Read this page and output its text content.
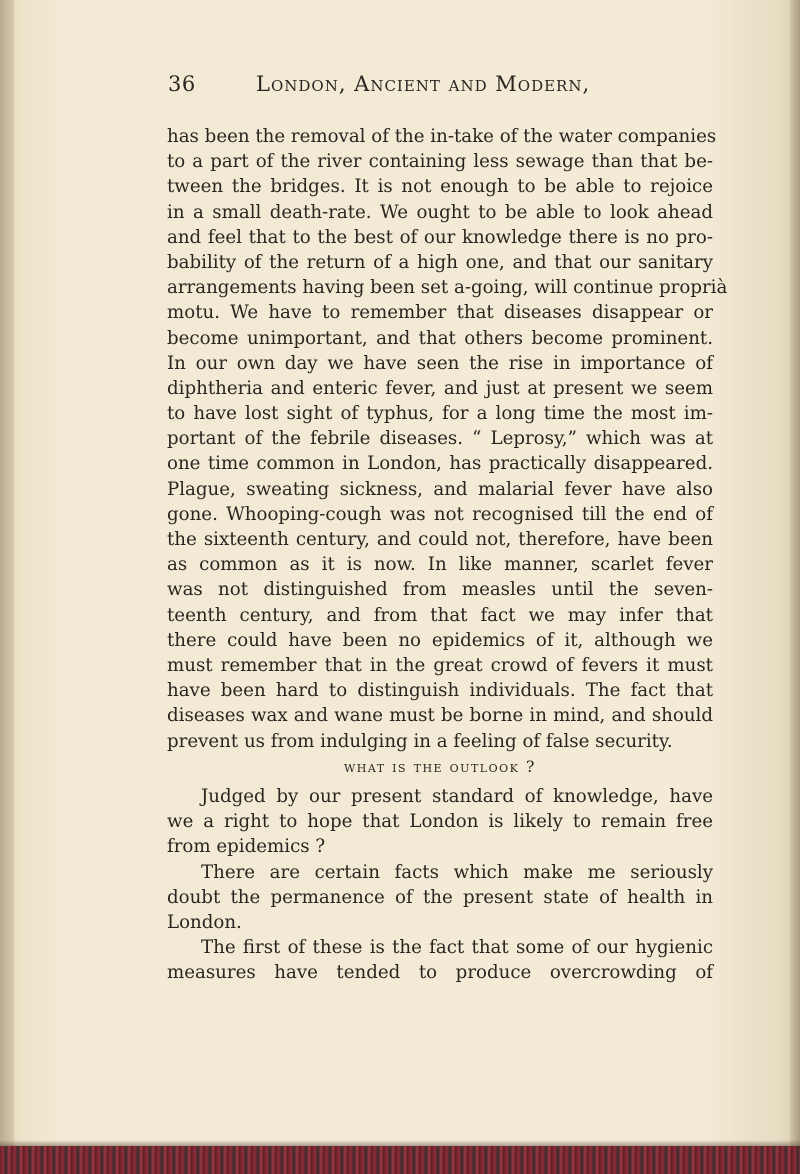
36	London, Ancient and Modern,
has been the removal of the in-take of the water companies
to a part of the river containing less sewage than that be-
tween the bridges. It is not enough to be able to rejoice
in a small death-rate. We ought to be able to look ahead
and feel that to the best of our knowledge there is no pro-
bability of the return of a high one, and that our sanitary
arrangements having been set a-going, will continue proprià
motu. We have to remember that diseases disappear or
become unimportant, and that others become prominent.
In our own day we have seen the rise in importance of
diphtheria and enteric fever, and just at present we seem
to have lost sight of typhus, for a long time the most im-
portant of the febrile diseases. “ Leprosy,” which was at
one time common in London, has practically disappeared.
Plague, sweating sickness, and malarial fever have also
gone. Whooping-cough was not recognised till the end of
the sixteenth century, and could not, therefore, have been
as common as it is now. In like manner, scarlet fever
was not distinguished from measles until the seven-
teenth century, and from that fact we may infer that
there could have been no epidemics of it, although we
must remember that in the great crowd of fevers it must
have been hard to distinguish individuals. The fact that
diseases wax and wane must be borne in mind, and should
prevent us from indulging in a feeling of false security.
what is the outlook ?
Judged by our present standard of knowledge, have
we a right to hope that London is likely to remain free
from epidemics ?
There are certain facts which make me seriously
doubt the permanence of the present state of health in
London.
The first of these is the fact that some of our hygienic
measures have tended to produce overcrowding of
